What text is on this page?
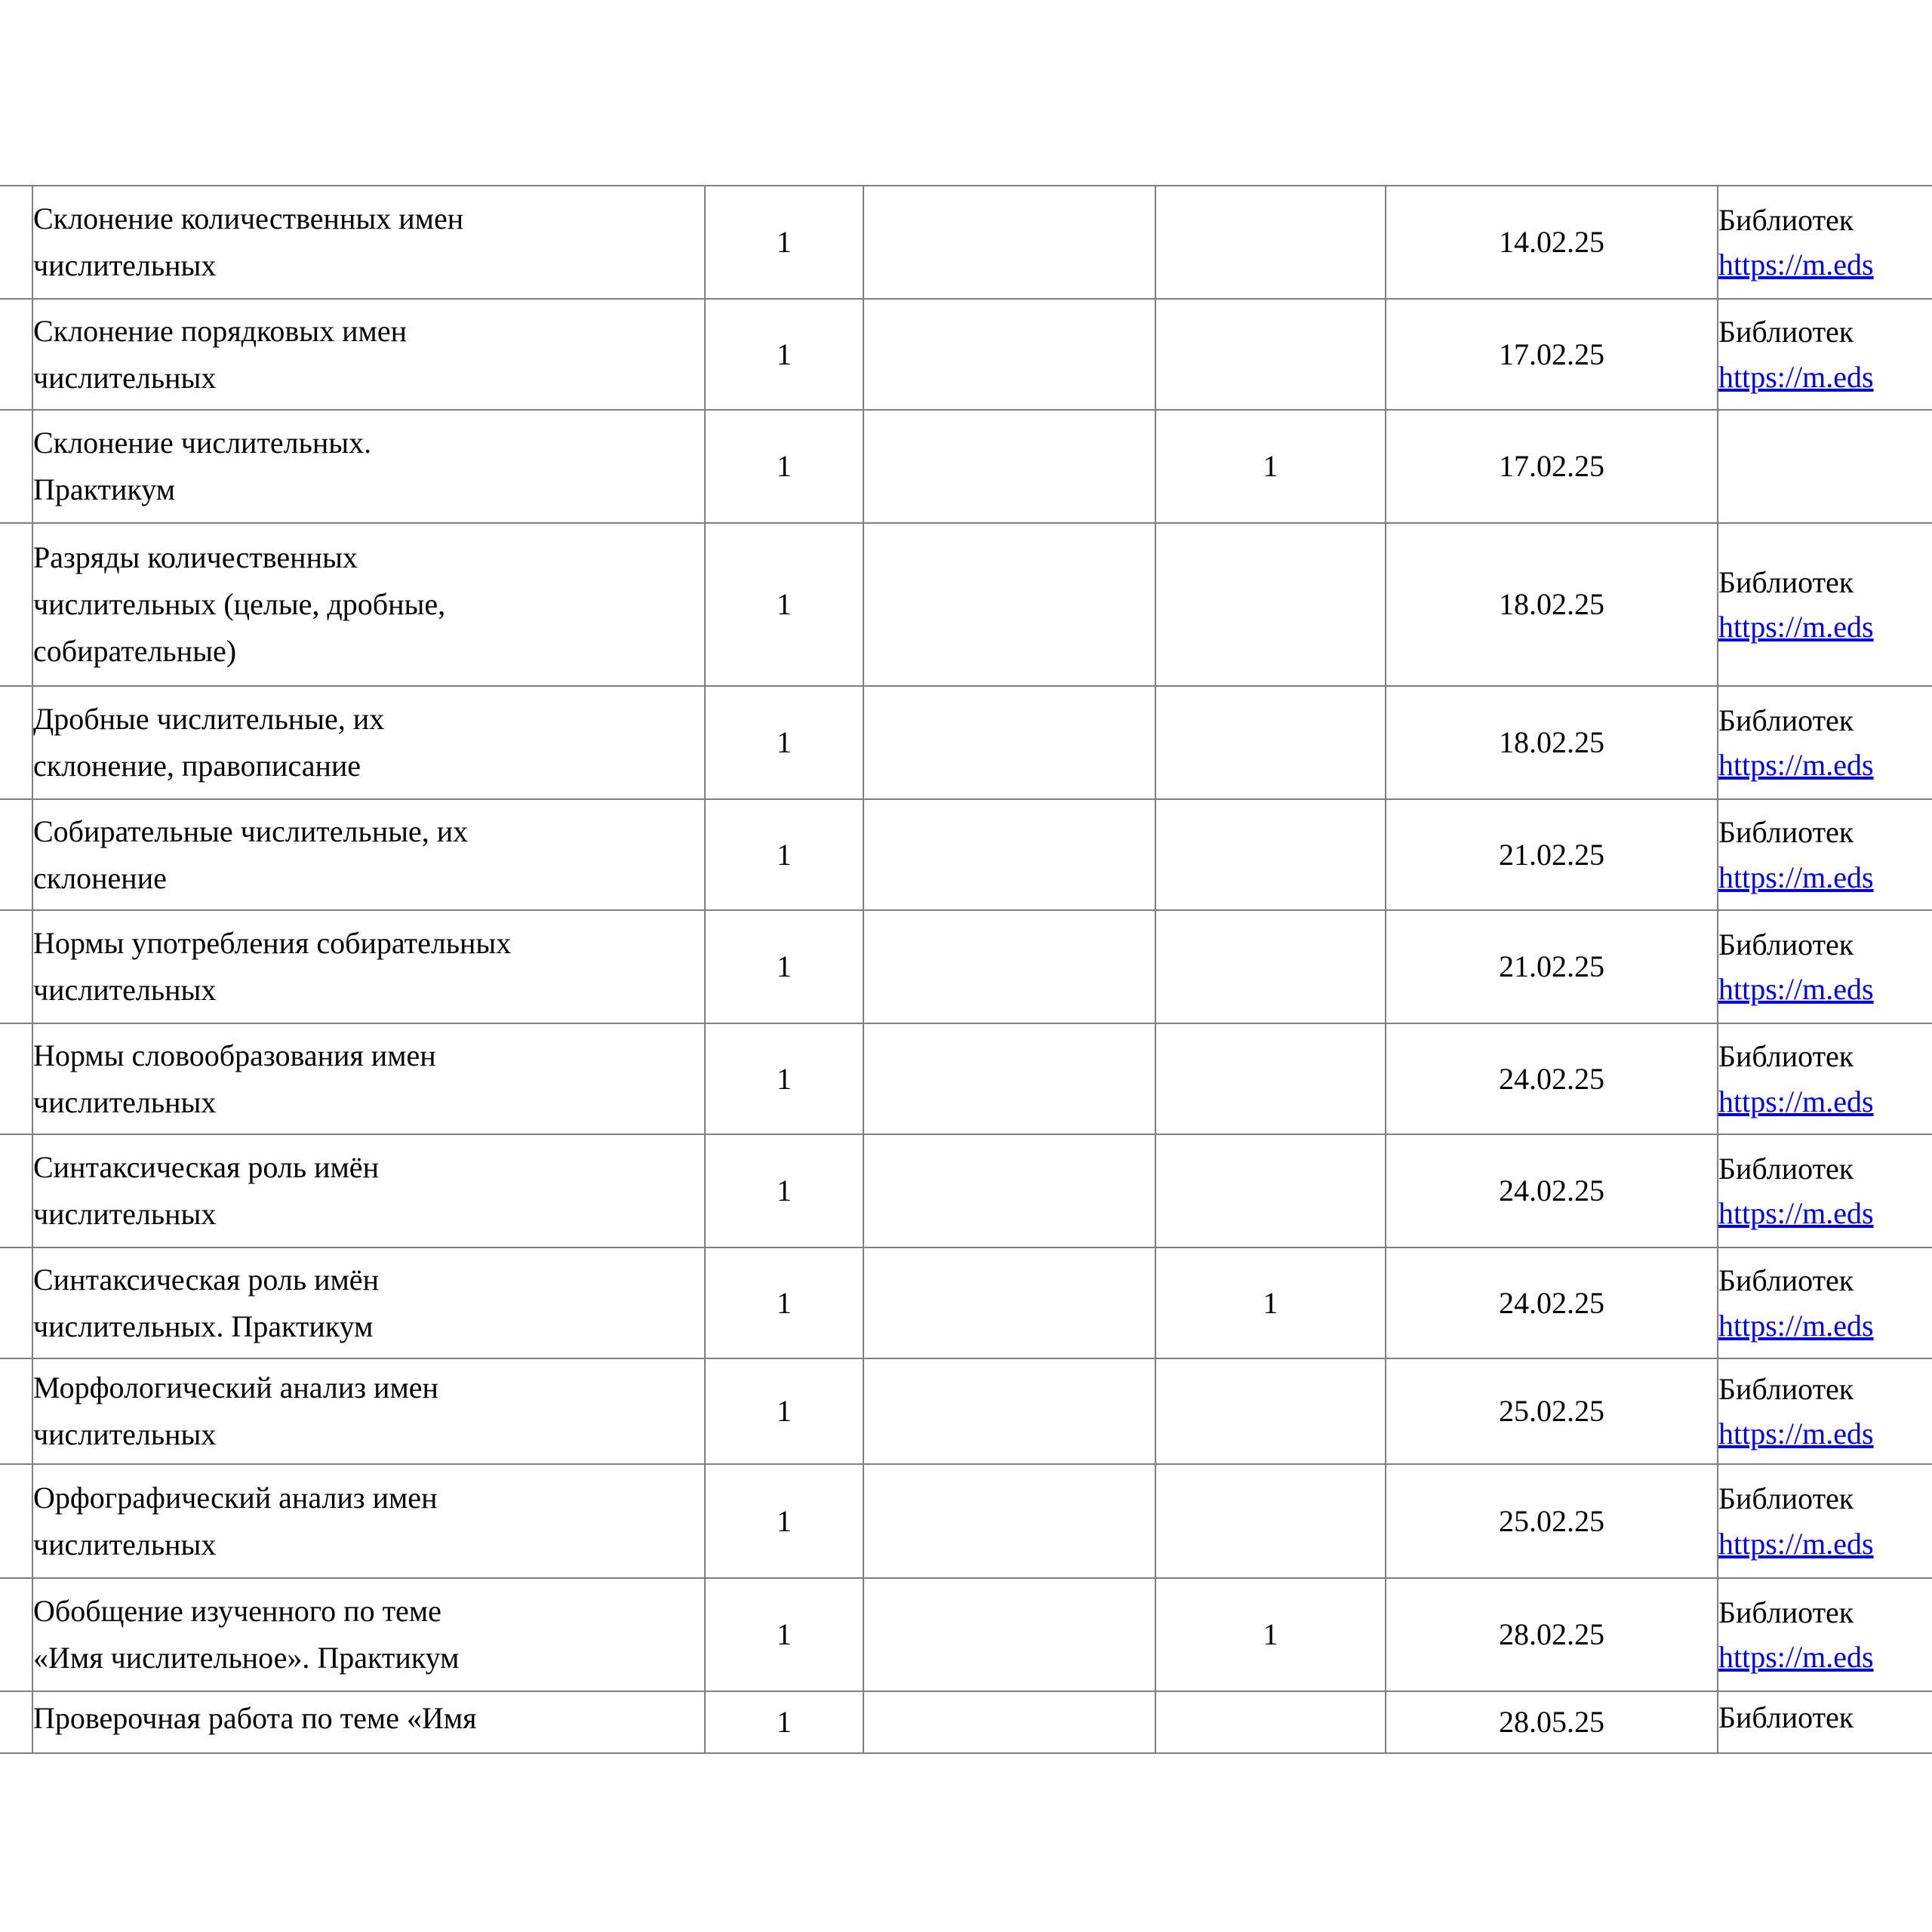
	Склонение количественных имен
числительных	1			14.02.25	Библиотек
https://m.eds

	Склонение порядковых имен
числительных	1			17.02.25	Библиотек
https://m.eds

	Склонение числительных.
Практикум	1		1	17.02.25	

	Разряды количественных
числительных (целые, дробные,
собирательные)	1			18.02.25	Библиотек
https://m.eds

	Дробные числительные, их
склонение, правописание	1			18.02.25	Библиотек
https://m.eds

	Собирательные числительные, их
склонение	1			21.02.25	Библиотек
https://m.eds

	Нормы употребления собирательных
числительных	1			21.02.25	Библиотек
https://m.eds

	Нормы словообразования имен
числительных	1			24.02.25	Библиотек
https://m.eds

	Синтаксическая роль имён
числительных	1			24.02.25	Библиотек
https://m.eds

	Синтаксическая роль имён
числительных. Практикум	1		1	24.02.25	Библиотек
https://m.eds

	Морфологический анализ имен
числительных	1			25.02.25	Библиотек
https://m.eds

	Орфографический анализ имен
числительных	1			25.02.25	Библиотек
https://m.eds

	Обобщение изученного по теме
«Имя числительное». Практикум	1		1	28.02.25	Библиотек
https://m.eds

	Проверочная работа по теме «Имя	1			28.05.25	Библиотек
